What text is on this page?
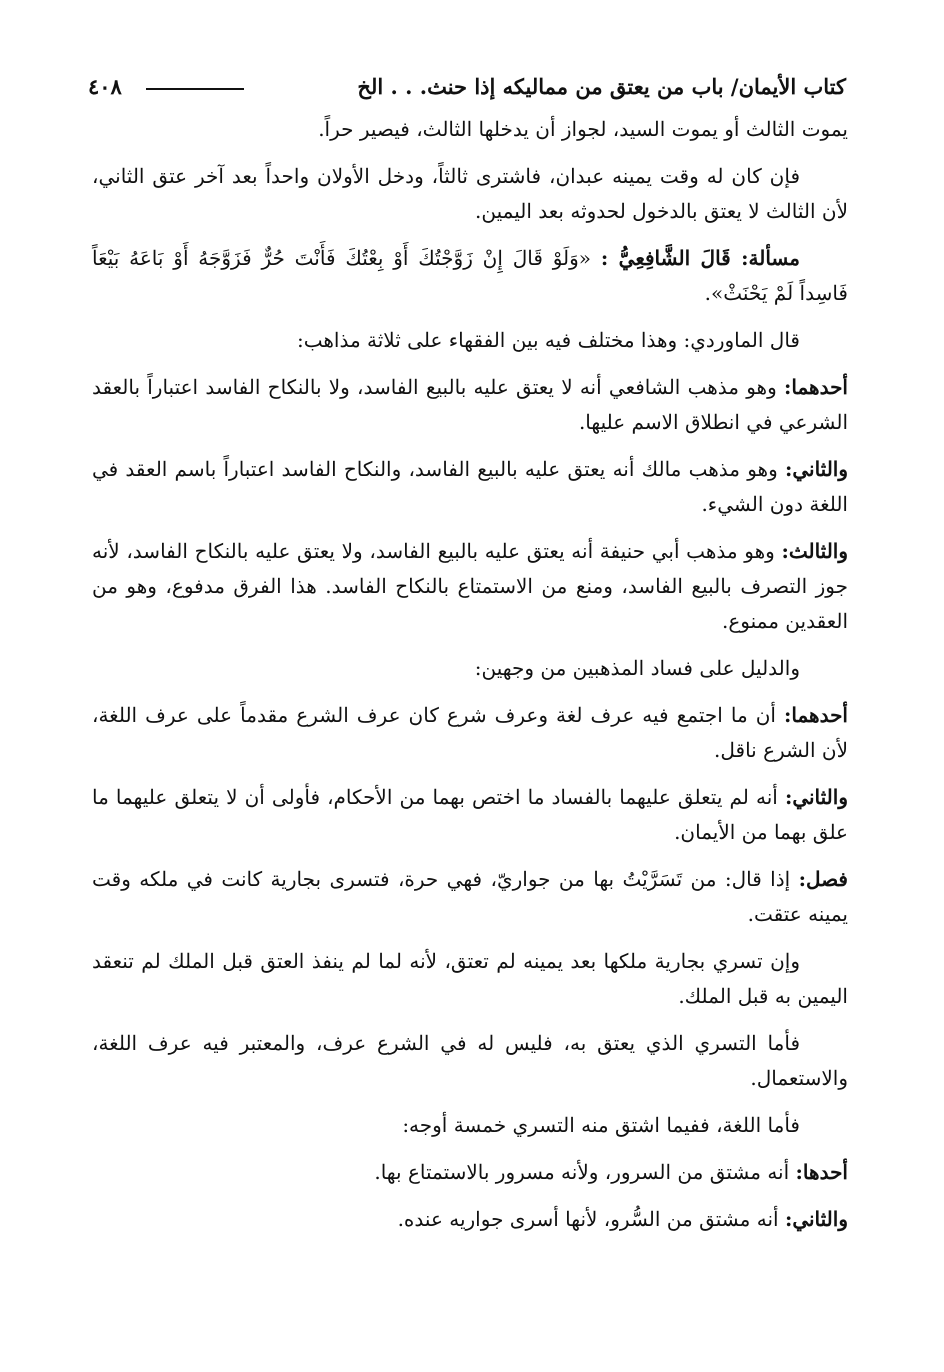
كتاب الأيمان/ باب من يعتق من مماليكه إذا حنث. . . الخ
٤٠٨

يموت الثالث أو يموت السيد، لجواز أن يدخلها الثالث، فيصير حراً.

فإن كان له وقت يمينه عبدان، فاشترى ثالثاً، ودخل الأولان واحداً بعد آخر عتق الثاني، لأن الثالث لا يعتق بالدخول لحدوثه بعد اليمين.

مسألة: قَالَ الشَّافِعِيُّ : «وَلَوْ قَالَ إِنْ زَوَّجْتُكَ أَوْ بِعْتُكَ فَأَنْتَ حُرٌّ فَزَوَّجَهُ أَوْ بَاعَهُ بَيْعَاً فَاسِداً لَمْ يَحْنَثْ».

قال الماوردي: وهذا مختلف فيه بين الفقهاء على ثلاثة مذاهب:

أحدهما: وهو مذهب الشافعي أنه لا يعتق عليه بالبيع الفاسد، ولا بالنكاح الفاسد اعتباراً بالعقد الشرعي في انطلاق الاسم عليها.

والثاني: وهو مذهب مالك أنه يعتق عليه بالبيع الفاسد، والنكاح الفاسد اعتباراً باسم العقد في اللغة دون الشيء.

والثالث: وهو مذهب أبي حنيفة أنه يعتق عليه بالبيع الفاسد، ولا يعتق عليه بالنكاح الفاسد، لأنه جوز التصرف بالبيع الفاسد، ومنع من الاستمتاع بالنكاح الفاسد. هذا الفرق مدفوع، وهو من العقدين ممنوع.

والدليل على فساد المذهبين من وجهين:

أحدهما: أن ما اجتمع فيه عرف لغة وعرف شرع كان عرف الشرع مقدماً على عرف اللغة، لأن الشرع ناقل.

والثاني: أنه لم يتعلق عليهما بالفساد ما اختص بهما من الأحكام، فأولى أن لا يتعلق عليهما ما علق بهما من الأيمان.

فصل: إذا قال: من تَسَرَّيْتُ بها من جواريّ، فهي حرة، فتسرى بجارية كانت في ملكه وقت يمينه عتقت.

وإن تسري بجارية ملكها بعد يمينه لم تعتق، لأنه لما لم ينفذ العتق قبل الملك لم تنعقد اليمين به قبل الملك.

فأما التسري الذي يعتق به، فليس له في الشرع عرف، والمعتبر فيه عرف اللغة، والاستعمال.

فأما اللغة، ففيما اشتق منه التسري خمسة أوجه:

أحدها: أنه مشتق من السرور، ولأنه مسرور بالاستمتاع بها.

والثاني: أنه مشتق من السُّرو، لأنها أسرى جواريه عنده.
